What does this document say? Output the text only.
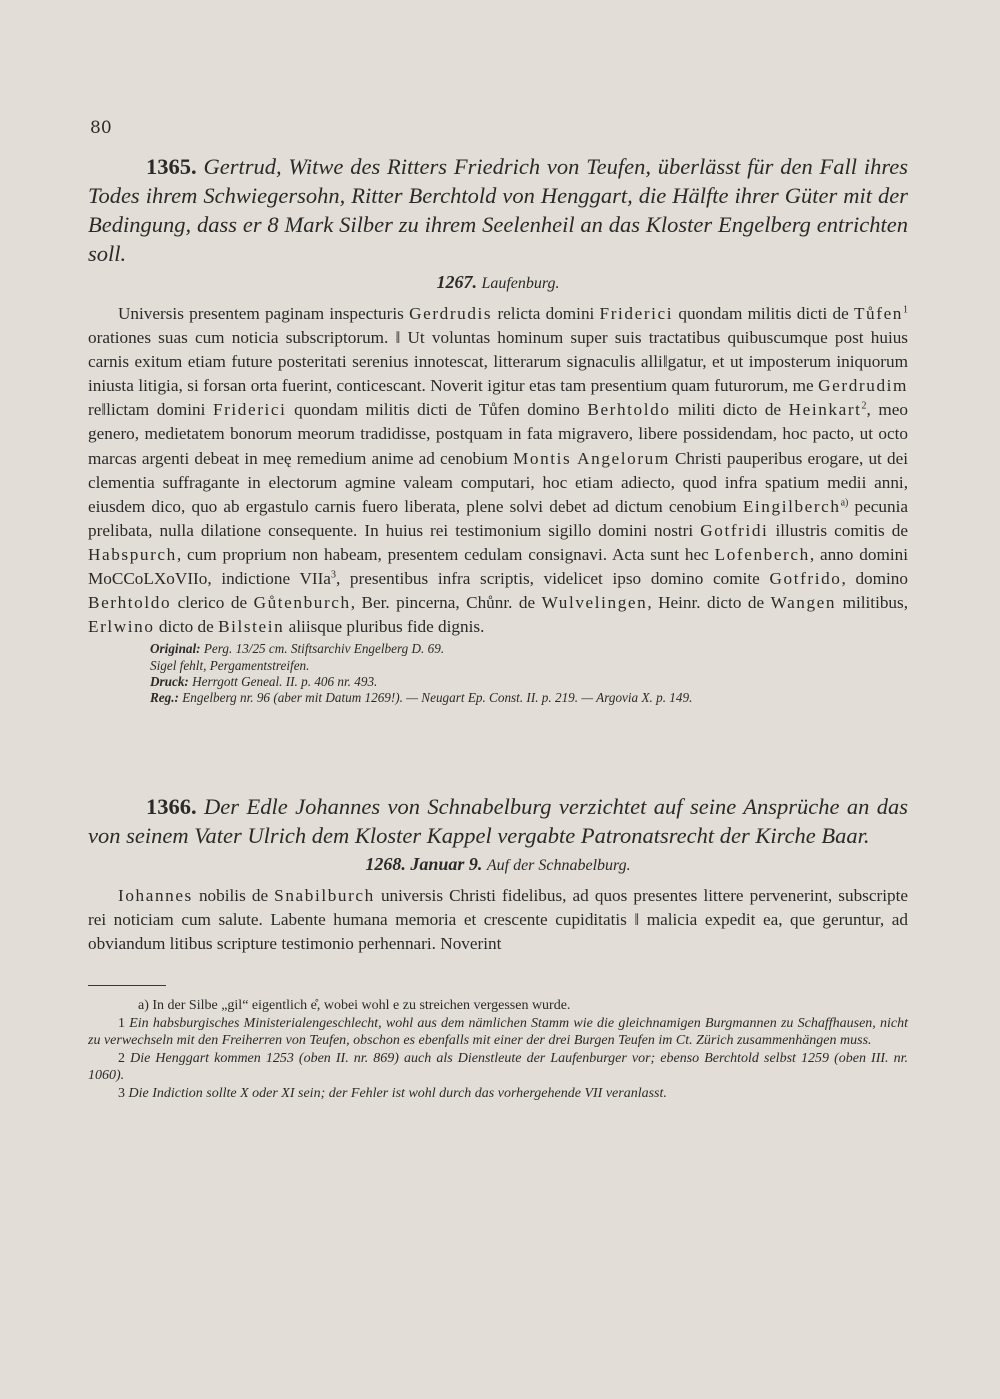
80
1365. Gertrud, Witwe des Ritters Friedrich von Teufen, überlässt für den Fall ihres Todes ihrem Schwiegersohn, Ritter Berchtold von Henggart, die Hälfte ihrer Güter mit der Bedingung, dass er 8 Mark Silber zu ihrem Seelenheil an das Kloster Engelberg entrichten soll.
1267. Laufenburg.
Universis presentem paginam inspecturis Gerdrudis relicta domini Friderici quondam militis dicti de Tůfen$^1$ orationes suas cum noticia subscriptorum. ‖ Ut voluntas hominum super suis tractatibus quibuscumque post huius carnis exitum etiam future posteritati serenius innotescat, litterarum signaculis alli‖gatur, et ut imposterum iniquorum iniusta litigia, si forsan orta fuerint, conticescant. Noverit igitur etas tam presentium quam futurorum, me Gerdrudim re‖lictam domini Friderici quondam militis dicti de Tůfen domino Berhtoldo militi dicto de Heinkart$^2$, meo genero, medietatem bonorum meorum tradidisse, postquam in fata migravero, libere possidendam, hoc pacto, ut octo marcas argenti debeat in meę remedium anime ad cenobium Montis Angelorum Christi pauperibus erogare, ut dei clementia suffragante in electorum agmine valeam computari, hoc etiam adiecto, quod infra spatium medii anni, eiusdem dico, quo ab ergastulo carnis fuero liberata, plene solvi debet ad dictum cenobium Eingilberch$^{a)}$ pecunia prelibata, nulla dilatione consequente. In huius rei testimonium sigillo domini nostri Gotfridi illustris comitis de Habspurch, cum proprium non habeam, presentem cedulam consignavi. Acta sunt hec Lofenberch, anno domini MoCCoLXoVIIo, indictione VIIa$^3$, presentibus infra scriptis, videlicet ipso domino comite Gotfrido, domino Berhtoldo clerico de Gůtenburch, Ber. pincerna, Chůnr. de Wulvelingen, Heinr. dicto de Wangen militibus, Erlwino dicto de Bilstein aliisque pluribus fide dignis.
Original: Perg. 13/25 cm. Stiftsarchiv Engelberg D. 69.
Sigel fehlt, Pergamentstreifen.
Druck: Herrgott Geneal. II. p. 406 nr. 493.
Reg.: Engelberg nr. 96 (aber mit Datum 1269!). — Neugart Ep. Const. II. p. 219. — Argovia X. p. 149.
1366. Der Edle Johannes von Schnabelburg verzichtet auf seine Ansprüche an das von seinem Vater Ulrich dem Kloster Kappel vergabte Patronatsrecht der Kirche Baar.
1268. Januar 9. Auf der Schnabelburg.
Iohannes nobilis de Snabilburch universis Christi fidelibus, ad quos presentes littere pervenerint, subscripte rei noticiam cum salute. Labente humana memoria et crescente cupiditatis ‖ malicia expedit ea, que geruntur, ad obviandum litibus scripture testimonio perhennari. Noverint
a) In der Silbe „gil“ eigentlich e̊, wobei wohl e zu streichen vergessen wurde.
1 Ein habsburgisches Ministerialengeschlecht, wohl aus dem nämlichen Stamm wie die gleichnamigen Burgmannen zu Schaffhausen, nicht zu verwechseln mit den Freiherren von Teufen, obschon es ebenfalls mit einer der drei Burgen Teufen im Ct. Zürich zusammenhängen muss.
2 Die Henggart kommen 1253 (oben II. nr. 869) auch als Dienstleute der Laufenburger vor; ebenso Berchtold selbst 1259 (oben III. nr. 1060).
3 Die Indiction sollte X oder XI sein; der Fehler ist wohl durch das vorhergehende VII veranlasst.
